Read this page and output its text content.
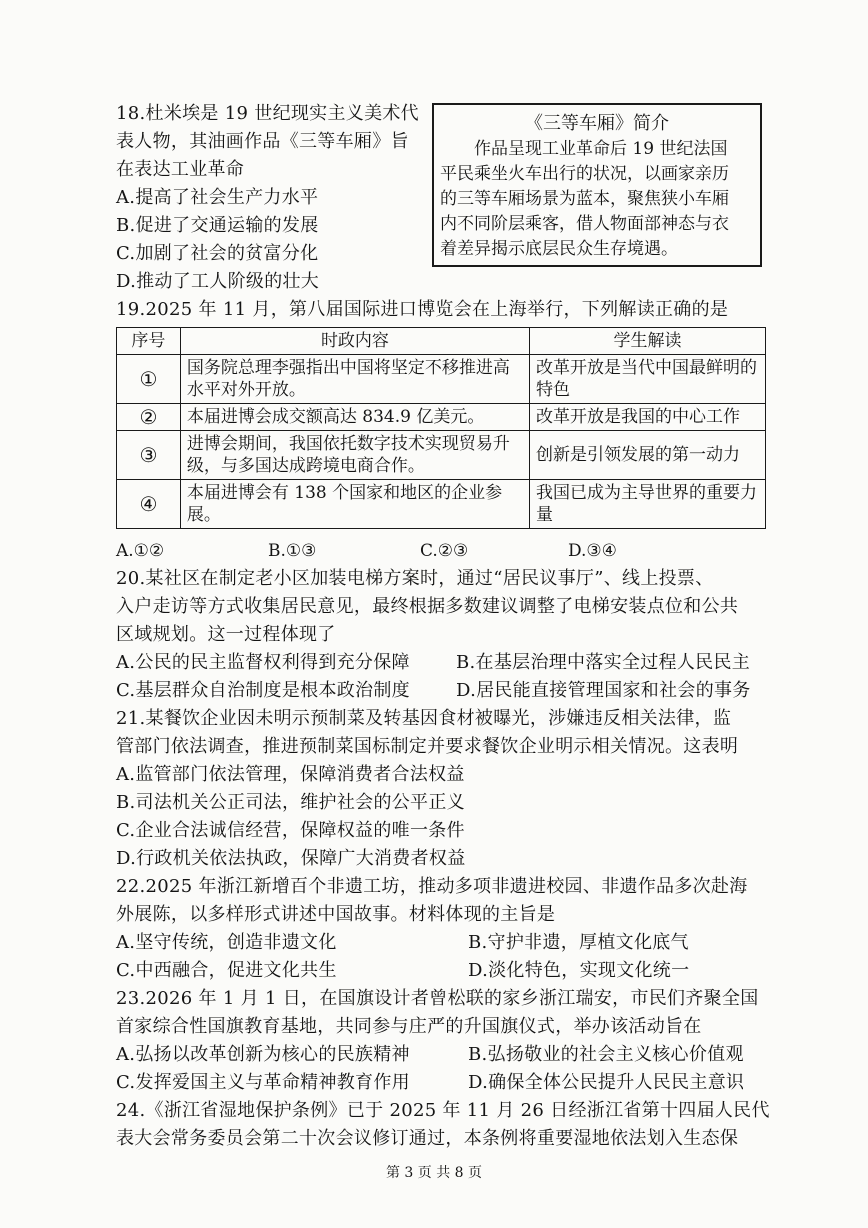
18.杜米埃是 19 世纪现实主义美术代
表人物，其油画作品《三等车厢》旨
在表达工业革命
A.提高了社会生产力水平
B.促进了交通运输的发展
C.加剧了社会的贫富分化
D.推动了工人阶级的壮大
《三等车厢》简介
　　作品呈现工业革命后 19 世纪法国
平民乘坐火车出行的状况，以画家亲历
的三等车厢场景为蓝本，聚焦狭小车厢
内不同阶层乘客，借人物面部神态与衣
着差异揭示底层民众生存境遇。
19.2025 年 11 月，第八届国际进口博览会在上海举行，下列解读正确的是
序号	时政内容	学生解读
①	国务院总理李强指出中国将坚定不移推进高水平对外开放。	改革开放是当代中国最鲜明的特色
②	本届进博会成交额高达 834.9 亿美元。	改革开放是我国的中心工作
③	进博会期间，我国依托数字技术实现贸易升级，与多国达成跨境电商合作。	创新是引领发展的第一动力
④	本届进博会有 138 个国家和地区的企业参展。	我国已成为主导世界的重要力量
A.①②	B.①③	C.②③	D.③④
20.某社区在制定老小区加装电梯方案时，通过“居民议事厅”、线上投票、
入户走访等方式收集居民意见，最终根据多数建议调整了电梯安装点位和公共
区域规划。这一过程体现了
A.公民的民主监督权利得到充分保障	B.在基层治理中落实全过程人民民主
C.基层群众自治制度是根本政治制度	D.居民能直接管理国家和社会的事务
21.某餐饮企业因未明示预制菜及转基因食材被曝光，涉嫌违反相关法律，监
管部门依法调查，推进预制菜国标制定并要求餐饮企业明示相关情况。这表明
A.监管部门依法管理，保障消费者合法权益
B.司法机关公正司法，维护社会的公平正义
C.企业合法诚信经营，保障权益的唯一条件
D.行政机关依法执政，保障广大消费者权益
22.2025 年浙江新增百个非遗工坊，推动多项非遗进校园、非遗作品多次赴海
外展陈，以多样形式讲述中国故事。材料体现的主旨是
A.坚守传统，创造非遗文化	B.守护非遗，厚植文化底气
C.中西融合，促进文化共生	D.淡化特色，实现文化统一
23.2026 年 1 月 1 日，在国旗设计者曾松联的家乡浙江瑞安，市民们齐聚全国
首家综合性国旗教育基地，共同参与庄严的升国旗仪式，举办该活动旨在
A.弘扬以改革创新为核心的民族精神	B.弘扬敬业的社会主义核心价值观
C.发挥爱国主义与革命精神教育作用	D.确保全体公民提升人民民主意识
24.《浙江省湿地保护条例》已于 2025 年 11 月 26 日经浙江省第十四届人民代
表大会常务委员会第二十次会议修订通过，本条例将重要湿地依法划入生态保
第 3 页 共 8 页
